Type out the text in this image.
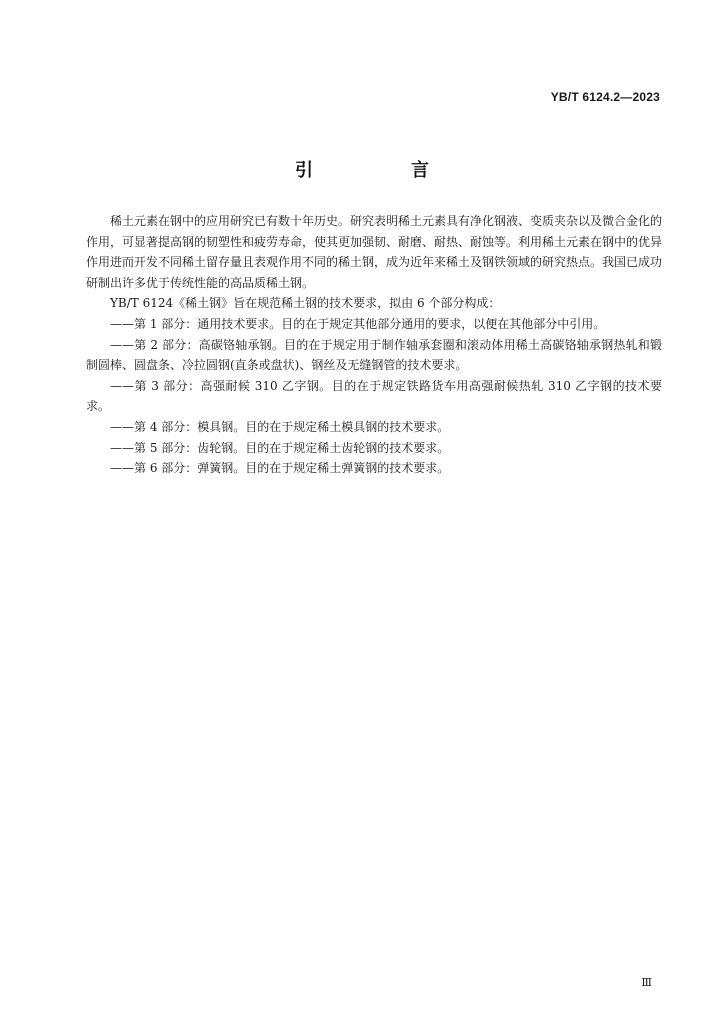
YB/T 6124.2—2023
引　言

稀土元素在钢中的应用研究已有数十年历史。研究表明稀土元素具有净化钢液、变质夹杂以及微合金化的作用，可显著提高钢的韧塑性和疲劳寿命，使其更加强韧、耐磨、耐热、耐蚀等。利用稀土元素在钢中的优异作用进而开发不同稀土留存量且表观作用不同的稀土钢，成为近年来稀土及钢铁领域的研究热点。我国已成功研制出许多优于传统性能的高品质稀土钢。

YB/T 6124《稀土钢》旨在规范稀土钢的技术要求，拟由 6 个部分构成：

——第 1 部分：通用技术要求。目的在于规定其他部分通用的要求，以便在其他部分中引用。

——第 2 部分：高碳铬轴承钢。目的在于规定用于制作轴承套圈和滚动体用稀土高碳铬轴承钢热轧和锻制圆棒、圆盘条、冷拉圆钢(直条或盘状)、钢丝及无缝钢管的技术要求。

——第 3 部分：高强耐候 310 乙字钢。目的在于规定铁路货车用高强耐候热轧 310 乙字钢的技术要求。

——第 4 部分：模具钢。目的在于规定稀土模具钢的技术要求。

——第 5 部分：齿轮钢。目的在于规定稀土齿轮钢的技术要求。

——第 6 部分：弹簧钢。目的在于规定稀土弹簧钢的技术要求。

Ⅲ
